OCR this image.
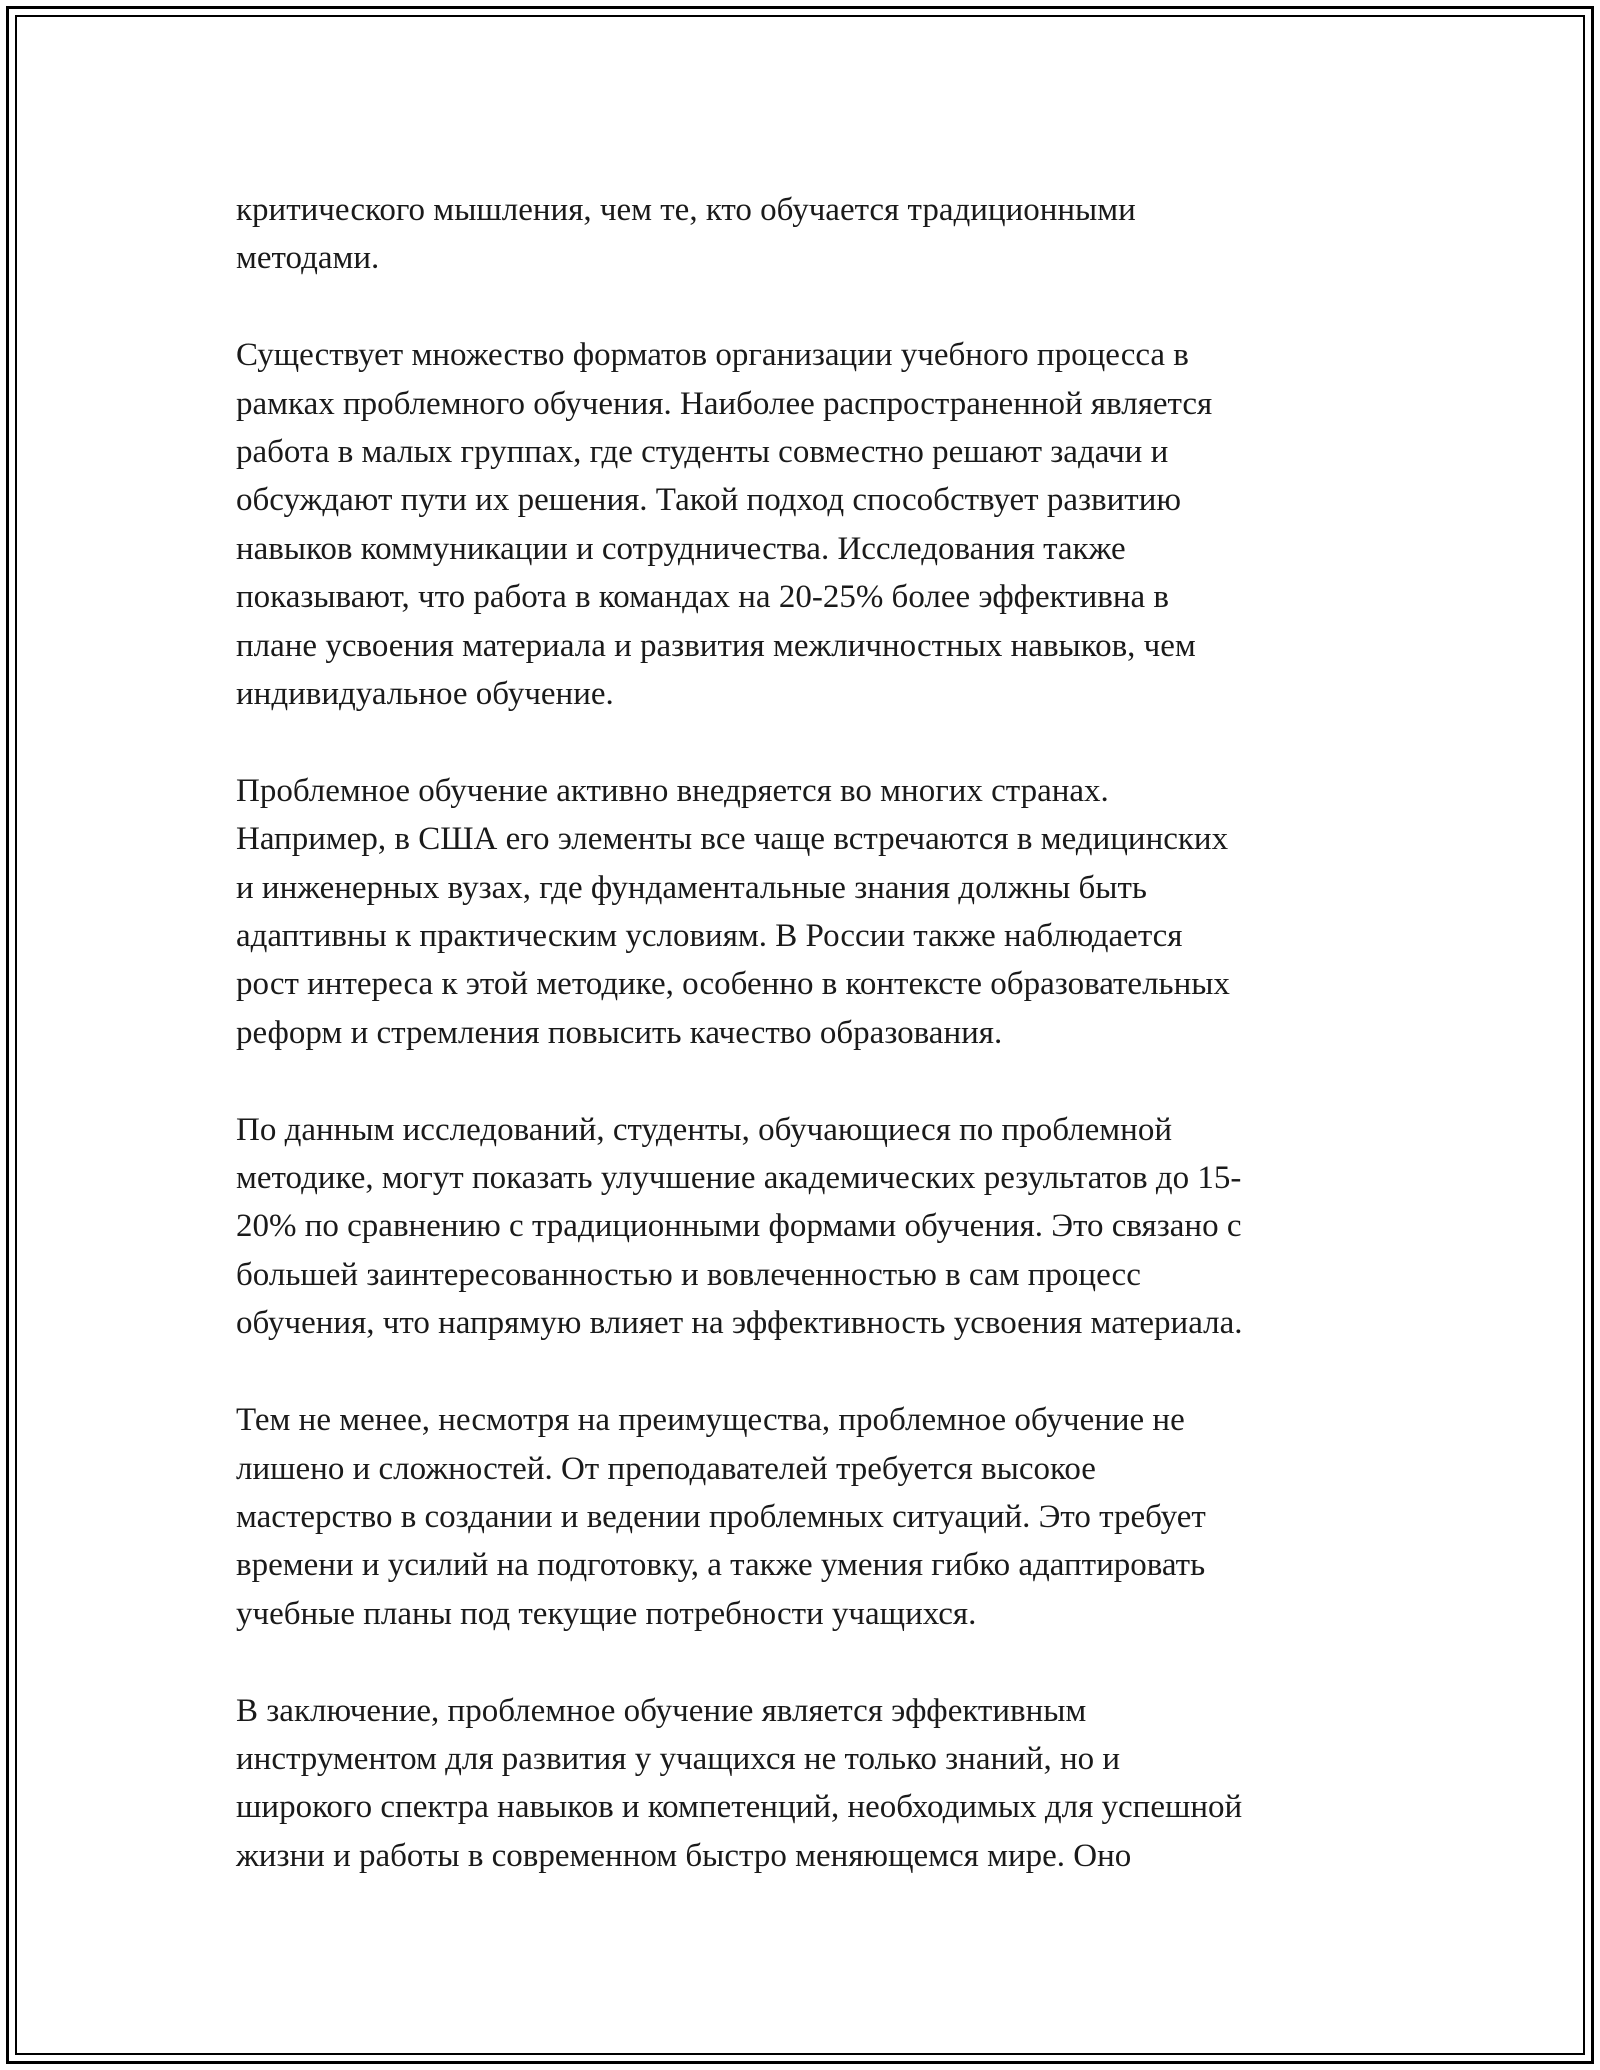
критического мышления, чем те, кто обучается традиционными
методами.

Существует множество форматов организации учебного процесса в
рамках проблемного обучения. Наиболее распространенной является
работа в малых группах, где студенты совместно решают задачи и
обсуждают пути их решения. Такой подход способствует развитию
навыков коммуникации и сотрудничества. Исследования также
показывают, что работа в командах на 20-25% более эффективна в
плане усвоения материала и развития межличностных навыков, чем
индивидуальное обучение.

Проблемное обучение активно внедряется во многих странах.
Например, в США его элементы все чаще встречаются в медицинских
и инженерных вузах, где фундаментальные знания должны быть
адаптивны к практическим условиям. В России также наблюдается
рост интереса к этой методике, особенно в контексте образовательных
реформ и стремления повысить качество образования.

По данным исследований, студенты, обучающиеся по проблемной
методике, могут показать улучшение академических результатов до 15-
20% по сравнению с традиционными формами обучения. Это связано с
большей заинтересованностью и вовлеченностью в сам процесс
обучения, что напрямую влияет на эффективность усвоения материала.

Тем не менее, несмотря на преимущества, проблемное обучение не
лишено и сложностей. От преподавателей требуется высокое
мастерство в создании и ведении проблемных ситуаций. Это требует
времени и усилий на подготовку, а также умения гибко адаптировать
учебные планы под текущие потребности учащихся.

В заключение, проблемное обучение является эффективным
инструментом для развития у учащихся не только знаний, но и
широкого спектра навыков и компетенций, необходимых для успешной
жизни и работы в современном быстро меняющемся мире. Оно
